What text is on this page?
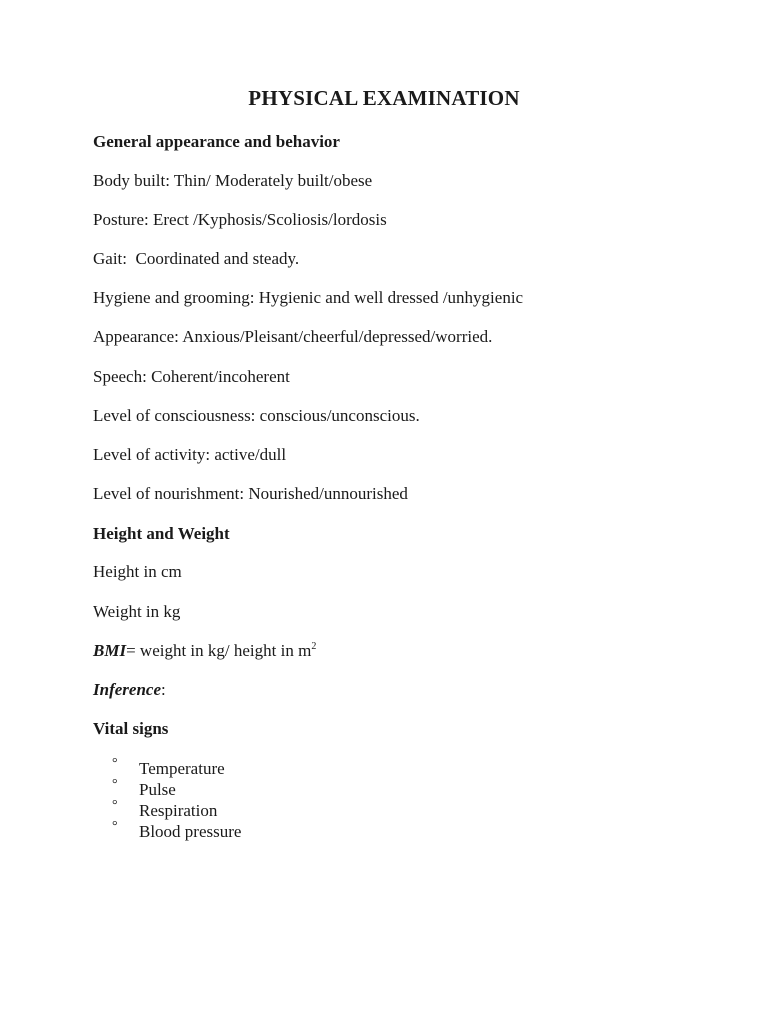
PHYSICAL EXAMINATION

General appearance and behavior

Body built: Thin/ Moderately built/obese

Posture: Erect /Kyphosis/Scoliosis/lordosis

Gait:  Coordinated and steady.

Hygiene and grooming: Hygienic and well dressed /unhygienic

Appearance: Anxious/Pleisant/cheerful/depressed/worried.

Speech: Coherent/incoherent

Level of consciousness: conscious/unconscious.

Level of activity: active/dull

Level of nourishment: Nourished/unnourished

Height and Weight

Height in cm

Weight in kg

BMI= weight in kg/ height in $m^2$

Inference:

Vital signs

° Temperature
° Pulse
° Respiration
° Blood pressure
